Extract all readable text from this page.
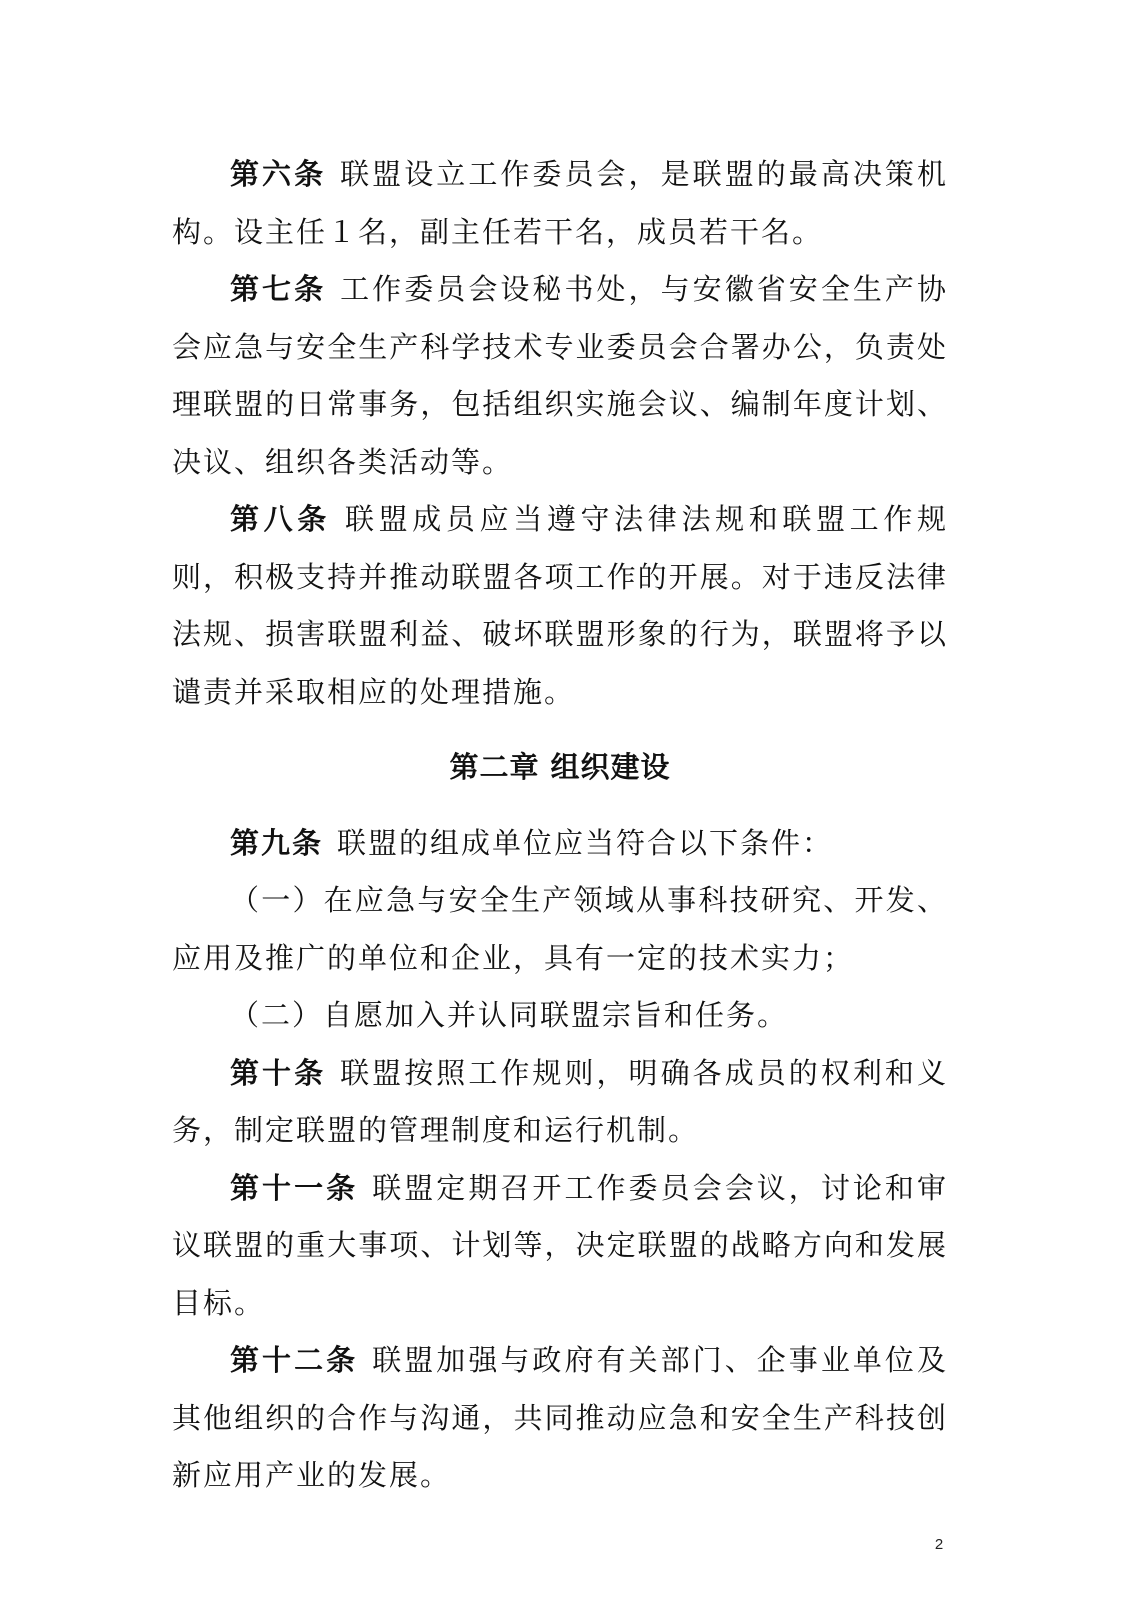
第六条 联盟设立工作委员会，是联盟的最高决策机构。设主任１名，副主任若干名，成员若干名。

第七条 工作委员会设秘书处，与安徽省安全生产协会应急与安全生产科学技术专业委员会合署办公，负责处理联盟的日常事务，包括组织实施会议、编制年度计划、决议、组织各类活动等。

第八条 联盟成员应当遵守法律法规和联盟工作规则，积极支持并推动联盟各项工作的开展。对于违反法律法规、损害联盟利益、破坏联盟形象的行为，联盟将予以谴责并采取相应的处理措施。

第二章 组织建设

第九条 联盟的组成单位应当符合以下条件：

（一）在应急与安全生产领域从事科技研究、开发、应用及推广的单位和企业，具有一定的技术实力；

（二）自愿加入并认同联盟宗旨和任务。

第十条 联盟按照工作规则，明确各成员的权利和义务，制定联盟的管理制度和运行机制。

第十一条 联盟定期召开工作委员会会议，讨论和审议联盟的重大事项、计划等，决定联盟的战略方向和发展目标。

第十二条 联盟加强与政府有关部门、企事业单位及其他组织的合作与沟通，共同推动应急和安全生产科技创新应用产业的发展。

2
